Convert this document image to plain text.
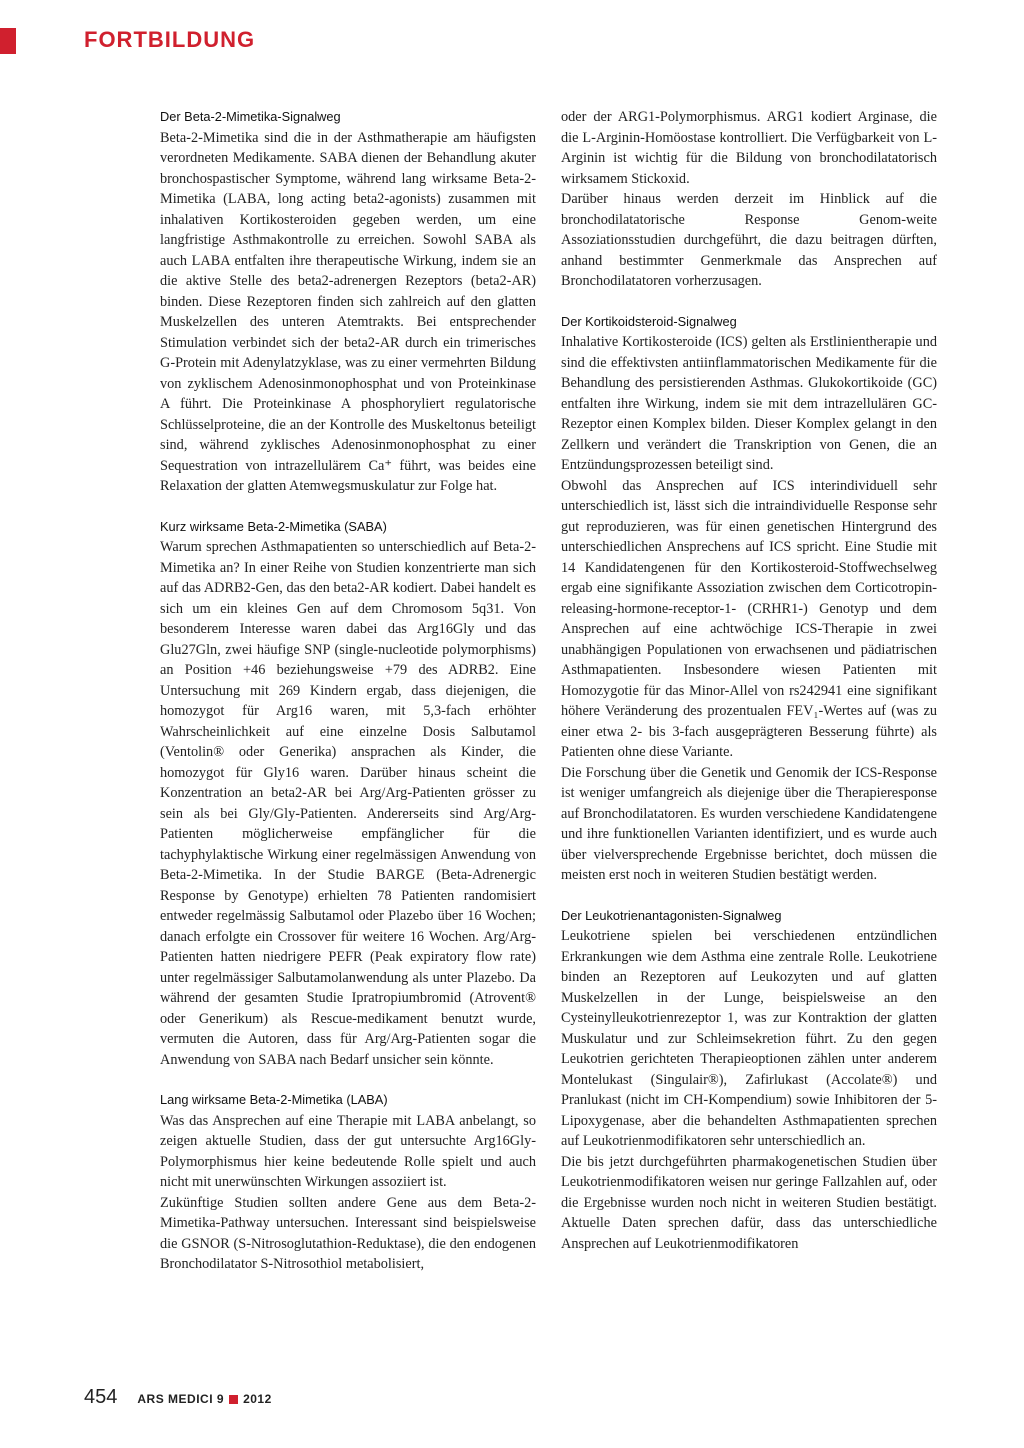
FORTBILDUNG
Der Beta-2-Mimetika-Signalweg

Beta-2-Mimetika sind die in der Asthmatherapie am häufigsten verordneten Medikamente. SABA dienen der Behandlung akuter bronchospastischer Symptome, während lang wirksame Beta-2-Mimetika (LABA, long acting beta2-agonists) zusammen mit inhalativen Kortikosteroiden gegeben werden, um eine langfristige Asthmakontrolle zu erreichen. Sowohl SABA als auch LABA entfalten ihre therapeutische Wirkung, indem sie an die aktive Stelle des beta2-adrenergen Rezeptors (beta2-AR) binden. Diese Rezeptoren finden sich zahlreich auf den glatten Muskelzellen des unteren Atemtrakts. Bei entsprechender Stimulation verbindet sich der beta2-AR durch ein trimerisches G-Protein mit Adenylatzyklase, was zu einer vermehrten Bildung von zyklischem Adenosinmonophosphat und von Proteinkinase A führt. Die Proteinkinase A phosphoryliert regulatorische Schlüsselproteine, die an der Kontrolle des Muskeltonus beteiligt sind, während zyklisches Adenosinmonophosphat zu einer Sequestration von intrazellulärem Ca⁺ führt, was beides eine Relaxation der glatten Atemwegsmuskulatur zur Folge hat.

Kurz wirksame Beta-2-Mimetika (SABA)

Warum sprechen Asthmapatienten so unterschiedlich auf Beta-2-Mimetika an? In einer Reihe von Studien konzentrierte man sich auf das ADRB2-Gen, das den beta2-AR kodiert. Dabei handelt es sich um ein kleines Gen auf dem Chromosom 5q31. Von besonderem Interesse waren dabei das Arg16Gly und das Glu27Gln, zwei häufige SNP (single-nucleotide polymorphisms) an Position +46 beziehungsweise +79 des ADRB2. Eine Untersuchung mit 269 Kindern ergab, dass diejenigen, die homozygot für Arg16 waren, mit 5,3-fach erhöhter Wahrscheinlichkeit auf eine einzelne Dosis Salbutamol (Ventolin® oder Generika) ansprachen als Kinder, die homozygot für Gly16 waren. Darüber hinaus scheint die Konzentration an beta2-AR bei Arg/Arg-Patienten grösser zu sein als bei Gly/Gly-Patienten. Andererseits sind Arg/Arg-Patienten möglicherweise empfänglicher für die tachyphylaktische Wirkung einer regelmässigen Anwendung von Beta-2-Mimetika. In der Studie BARGE (Beta-Adrenergic Response by Genotype) erhielten 78 Patienten randomisiert entweder regelmässig Salbutamol oder Plazebo über 16 Wochen; danach erfolgte ein Crossover für weitere 16 Wochen. Arg/Arg-Patienten hatten niedrigere PEFR (Peak expiratory flow rate) unter regelmässiger Salbutamolanwendung als unter Plazebo. Da während der gesamten Studie Ipratropiumbromid (Atrovent® oder Generikum) als Rescue-medikament benutzt wurde, vermuten die Autoren, dass für Arg/Arg-Patienten sogar die Anwendung von SABA nach Bedarf unsicher sein könnte.

Lang wirksame Beta-2-Mimetika (LABA)

Was das Ansprechen auf eine Therapie mit LABA anbelangt, so zeigen aktuelle Studien, dass der gut untersuchte Arg16Gly-Polymorphismus hier keine bedeutende Rolle spielt und auch nicht mit unerwünschten Wirkungen assoziiert ist.

Zukünftige Studien sollten andere Gene aus dem Beta-2-Mimetika-Pathway untersuchen. Interessant sind beispielsweise die GSNOR (S-Nitrosoglutathion-Reduktase), die den endogenen Bronchodilatator S-Nitrosothiol metabolisiert,

oder der ARG1-Polymorphismus. ARG1 kodiert Arginase, die die L-Arginin-Homöostase kontrolliert. Die Verfügbarkeit von L-Arginin ist wichtig für die Bildung von bronchodilatatorisch wirksamem Stickoxid.

Darüber hinaus werden derzeit im Hinblick auf die bronchodilatatorische Response Genom-weite Assoziationsstudien durchgeführt, die dazu beitragen dürften, anhand bestimmter Genmerkmale das Ansprechen auf Bronchodilatatoren vorherzusagen.

Der Kortikoidsteroid-Signalweg

Inhalative Kortikosteroide (ICS) gelten als Erstlinientherapie und sind die effektivsten antiinflammatorischen Medikamente für die Behandlung des persistierenden Asthmas. Glukokortikoide (GC) entfalten ihre Wirkung, indem sie mit dem intrazellulären GC-Rezeptor einen Komplex bilden. Dieser Komplex gelangt in den Zellkern und verändert die Transkription von Genen, die an Entzündungsprozessen beteiligt sind.

Obwohl das Ansprechen auf ICS interindividuell sehr unterschiedlich ist, lässt sich die intraindividuelle Response sehr gut reproduzieren, was für einen genetischen Hintergrund des unterschiedlichen Ansprechens auf ICS spricht. Eine Studie mit 14 Kandidatengenen für den Kortikosteroid-Stoffwechselweg ergab eine signifikante Assoziation zwischen dem Corticotropin-releasing-hormone-receptor-1- (CRHR1-) Genotyp und dem Ansprechen auf eine achtwöchige ICS-Therapie in zwei unabhängigen Populationen von erwachsenen und pädiatrischen Asthmapatienten. Insbesondere wiesen Patienten mit Homozygotie für das Minor-Allel von rs242941 eine signifikant höhere Veränderung des prozentualen FEV₁-Wertes auf (was zu einer etwa 2- bis 3-fach ausgeprägteren Besserung führte) als Patienten ohne diese Variante.

Die Forschung über die Genetik und Genomik der ICS-Response ist weniger umfangreich als diejenige über die Therapieresponse auf Bronchodilatatoren. Es wurden verschiedene Kandidatengene und ihre funktionellen Varianten identifiziert, und es wurde auch über vielversprechende Ergebnisse berichtet, doch müssen die meisten erst noch in weiteren Studien bestätigt werden.

Der Leukotrienantagonisten-Signalweg

Leukotriene spielen bei verschiedenen entzündlichen Erkrankungen wie dem Asthma eine zentrale Rolle. Leukotriene binden an Rezeptoren auf Leukozyten und auf glatten Muskelzellen in der Lunge, beispielsweise an den Cysteinylleukotrienrezeptor 1, was zur Kontraktion der glatten Muskulatur und zur Schleimsekretion führt. Zu den gegen Leukotrien gerichteten Therapieoptionen zählen unter anderem Montelukast (Singulair®), Zafirlukast (Accolate®) und Pranlukast (nicht im CH-Kompendium) sowie Inhibitoren der 5-Lipoxygenase, aber die behandelten Asthmapatienten sprechen auf Leukotrienmodifikatoren sehr unterschiedlich an.

Die bis jetzt durchgeführten pharmakogenetischen Studien über Leukotrienmodifikatoren weisen nur geringe Fallzahlen auf, oder die Ergebnisse wurden noch nicht in weiteren Studien bestätigt. Aktuelle Daten sprechen dafür, dass das unterschiedliche Ansprechen auf Leukotrienmodifikatoren

454 ARS MEDICI 9 2012
